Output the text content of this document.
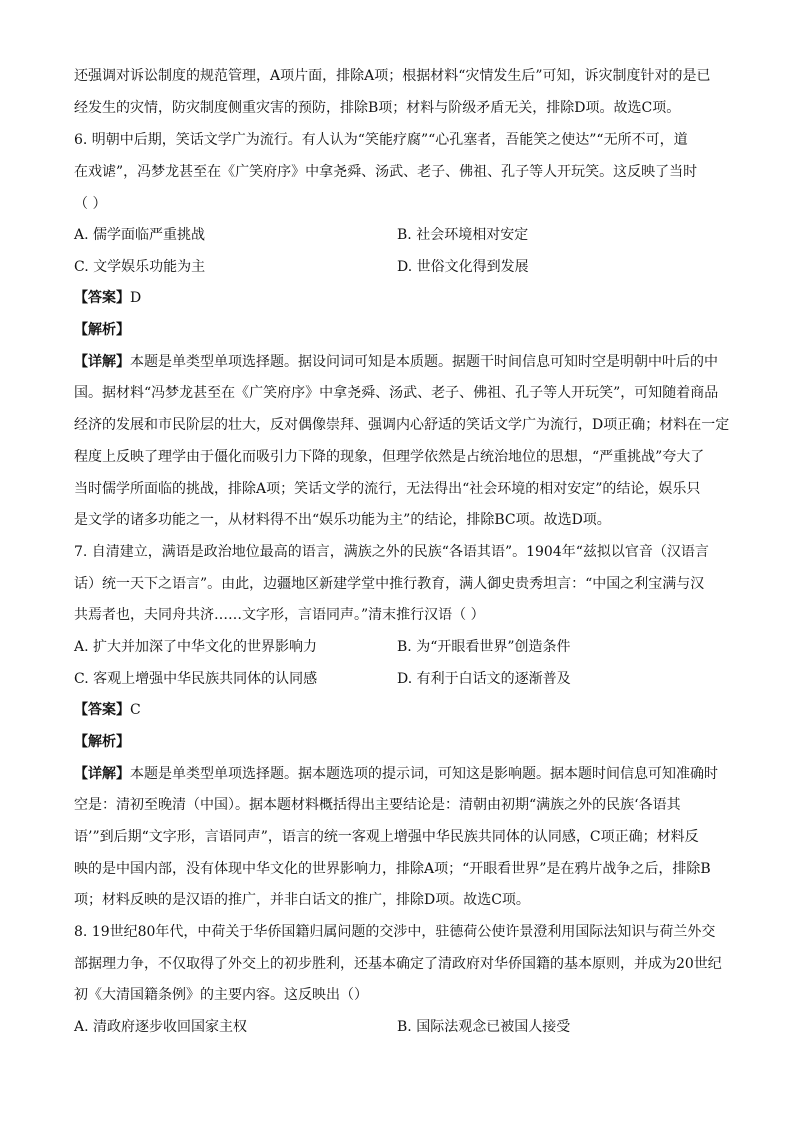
还强调对诉讼制度的规范管理，A项片面，排除A项；根据材料“灾情发生后”可知，诉灾制度针对的是已
经发生的灾情，防灾制度侧重灾害的预防，排除B项；材料与阶级矛盾无关，排除D项。故选C项。
6. 明朝中后期，笑话文学广为流行。有人认为“笑能疗腐”“心孔塞者，吾能笑之使达”“无所不可，道
在戏谑”，冯梦龙甚至在《广笑府序》中拿尧舜、汤武、老子、佛祖、孔子等人开玩笑。这反映了当时
（ ）
A. 儒学面临严重挑战	B. 社会环境相对安定
C. 文学娱乐功能为主	D. 世俗文化得到发展
【答案】D
【解析】
【详解】本题是单类型单项选择题。据设问词可知是本质题。据题干时间信息可知时空是明朝中叶后的中
国。据材料“冯梦龙甚至在《广笑府序》中拿尧舜、汤武、老子、佛祖、孔子等人开玩笑”，可知随着商品
经济的发展和市民阶层的壮大，反对偶像崇拜、强调内心舒适的笑话文学广为流行，D项正确；材料在一定
程度上反映了理学由于僵化而吸引力下降的现象，但理学依然是占统治地位的思想，“严重挑战”夸大了
当时儒学所面临的挑战，排除A项；笑话文学的流行，无法得出“社会环境的相对安定”的结论，娱乐只
是文学的诸多功能之一，从材料得不出“娱乐功能为主”的结论，排除BC项。故选D项。
7. 自清建立，满语是政治地位最高的语言，满族之外的民族“各语其语”。1904年“兹拟以官音（汉语言
话）统一天下之语言”。由此，边疆地区新建学堂中推行教育，满人御史贵秀坦言：“中国之利宝满与汉
共焉者也，夫同舟共济……文字形，言语同声。”清末推行汉语（ ）
A. 扩大并加深了中华文化的世界影响力	B. 为“开眼看世界”创造条件
C. 客观上增强中华民族共同体的认同感	D. 有利于白话文的逐渐普及
【答案】C
【解析】
【详解】本题是单类型单项选择题。据本题选项的提示词，可知这是影响题。据本题时间信息可知准确时
空是：清初至晚清（中国）。据本题材料概括得出主要结论是：清朝由初期“满族之外的民族‘各语其
语’”到后期“文字形，言语同声”，语言的统一客观上增强中华民族共同体的认同感，C项正确；材料反
映的是中国内部，没有体现中华文化的世界影响力，排除A项；“开眼看世界”是在鸦片战争之后，排除B
项；材料反映的是汉语的推广，并非白话文的推广，排除D项。故选C项。
8. 19世纪80年代，中荷关于华侨国籍归属问题的交涉中，驻德荷公使许景澄利用国际法知识与荷兰外交
部据理力争，不仅取得了外交上的初步胜利，还基本确定了清政府对华侨国籍的基本原则，并成为20世纪
初《大清国籍条例》的主要内容。这反映出（）
A. 清政府逐步收回国家主权	B. 国际法观念已被国人接受
